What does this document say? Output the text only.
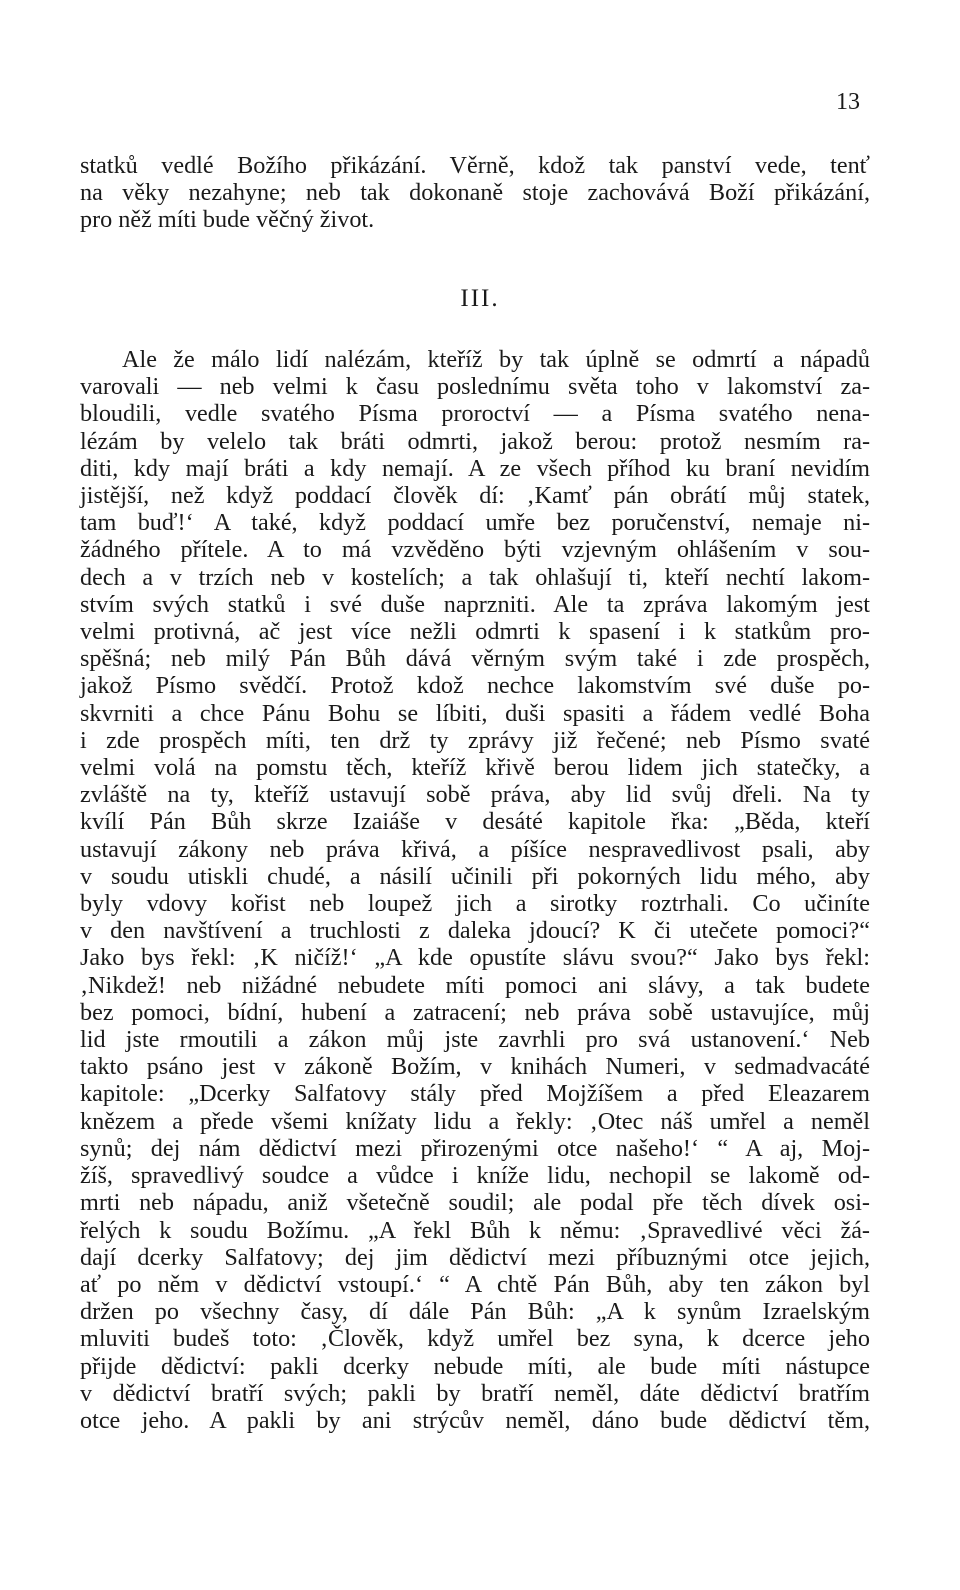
13
statků vedlé Božího přikázání. Věrně, kdož tak panství vede, tenť
na věky nezahyne; neb tak dokonaně stoje zachovává Boží přikázání,
pro něž míti bude věčný život.
III.
Ale že málo lidí nalézám, kteříž by tak úplně se odmrtí a nápadů
varovali — neb velmi k času poslednímu světa toho v lakomství za-
bloudili, vedle svatého Písma proroctví — a Písma svatého nena-
lézám by velelo tak bráti odmrti, jakož berou: protož nesmím ra-
diti, kdy mají bráti a kdy nemají. A ze všech příhod ku braní nevidím
jistější, než když poddací člověk dí: ‚Kamť pán obrátí můj statek,
tam buď!‘ A také, když poddací umře bez poručenství, nemaje ni-
žádného přítele. A to má vzvěděno býti vzjevným ohlášením v sou-
dech a v trzích neb v kostelích; a tak ohlašují ti, kteří nechtí lakom-
stvím svých statků i své duše naprzniti. Ale ta zpráva lakomým jest
velmi protivná, ač jest více nežli odmrti k spasení i k statkům pro-
spěšná; neb milý Pán Bůh dává věrným svým také i zde prospěch,
jakož Písmo svědčí. Protož kdož nechce lakomstvím své duše po-
skvrniti a chce Pánu Bohu se líbiti, duši spasiti a řádem vedlé Boha
i zde prospěch míti, ten drž ty zprávy již řečené; neb Písmo svaté
velmi volá na pomstu těch, kteříž křivě berou lidem jich statečky, a
zvláště na ty, kteříž ustavují sobě práva, aby lid svůj dřeli. Na ty
kvílí Pán Bůh skrze Izaiáše v desáté kapitole řka: „Běda, kteří
ustavují zákony neb práva křivá, a píšíce nespravedlivost psali, aby
v soudu utiskli chudé, a násilí učinili při pokorných lidu mého, aby
byly vdovy kořist neb loupež jich a sirotky roztrhali. Co učiníte
v den navštívení a truchlosti z daleka jdoucí? K či utečete pomoci?“
Jako bys řekl: ‚K ničíž!‘ „A kde opustíte slávu svou?“ Jako bys řekl:
‚Nikdež! neb nižádné nebudete míti pomoci ani slávy, a tak budete
bez pomoci, bídní, hubení a zatracení; neb práva sobě ustavujíce, můj
lid jste rmoutili a zákon můj jste zavrhli pro svá ustanovení.‘ Neb
takto psáno jest v zákoně Božím, v knihách Numeri, v sedmadvacáté
kapitole: „Dcerky Salfatovy stály před Mojžíšem a před Eleazarem
knězem a přede všemi knížaty lidu a řekly: ‚Otec náš umřel a neměl
synů; dej nám dědictví mezi přirozenými otce našeho!‘ “ A aj, Moj-
žíš, spravedlivý soudce a vůdce i kníže lidu, nechopil se lakomě od-
mrti neb nápadu, aniž všetečně soudil; ale podal pře těch dívek osi-
řelých k soudu Božímu. „A řekl Bůh k němu: ‚Spravedlivé věci žá-
dají dcerky Salfatovy; dej jim dědictví mezi příbuznými otce jejich,
ať po něm v dědictví vstoupí.‘ “ A chtě Pán Bůh, aby ten zákon byl
držen po všechny časy, dí dále Pán Bůh: „A k synům Izraelským
mluviti budeš toto: ‚Člověk, když umřel bez syna, k dcerce jeho
přijde dědictví: pakli dcerky nebude míti, ale bude míti nástupce
v dědictví bratří svých; pakli by bratří neměl, dáte dědictví bratřím
otce jeho. A pakli by ani strýcův neměl, dáno bude dědictví těm,
